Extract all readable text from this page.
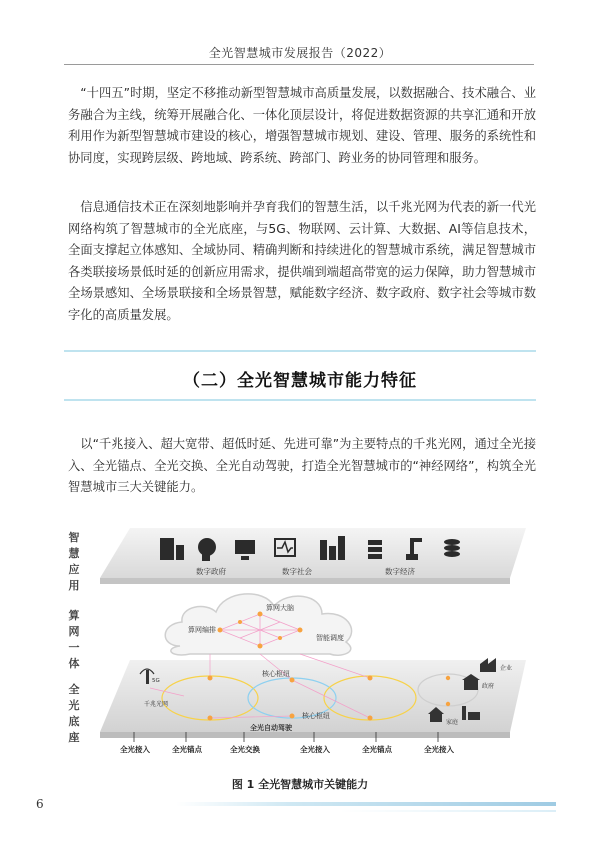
全光智慧城市发展报告（2022）

“十四五”时期，坚定不移推动新型智慧城市高质量发展，以数据融合、技术融合、业务融合为主线，统筹开展融合化、一体化顶层设计，将促进数据资源的共享汇通和开放利用作为新型智慧城市建设的核心，增强智慧城市规划、建设、管理、服务的系统性和协同度，实现跨层级、跨地域、跨系统、跨部门、跨业务的协同管理和服务。

信息通信技术正在深刻地影响并孕育我们的智慧生活，以千兆光网为代表的新一代光网络构筑了智慧城市的全光底座，与5G、物联网、云计算、大数据、AI等信息技术，全面支撑起立体感知、全域协同、精确判断和持续进化的智慧城市系统，满足智慧城市各类联接场景低时延的创新应用需求，提供端到端超高带宽的运力保障，助力智慧城市全场景感知、全场景联接和全场景智慧，赋能数字经济、数字政府、数字社会等城市数字化的高质量发展。

（二）全光智慧城市能力特征

以“千兆接入、超大宽带、超低时延、先进可靠”为主要特点的千兆光网，通过全光接入、全光锚点、全光交换、全光自动驾驶，打造全光智慧城市的“神经网络”，构筑全光智慧城市三大关键能力。

智慧应用
算网一体
全光底座
数字政府	数字社会	数字经济
算网大脑
算网编排
智能调度
千兆光网
5G
核心枢纽
核心枢纽
全光自动驾驶
企业
政府
家庭
全光接入	全光锚点	全光交换	全光接入	全光锚点	全光接入
图 1 全光智慧城市关键能力
6
